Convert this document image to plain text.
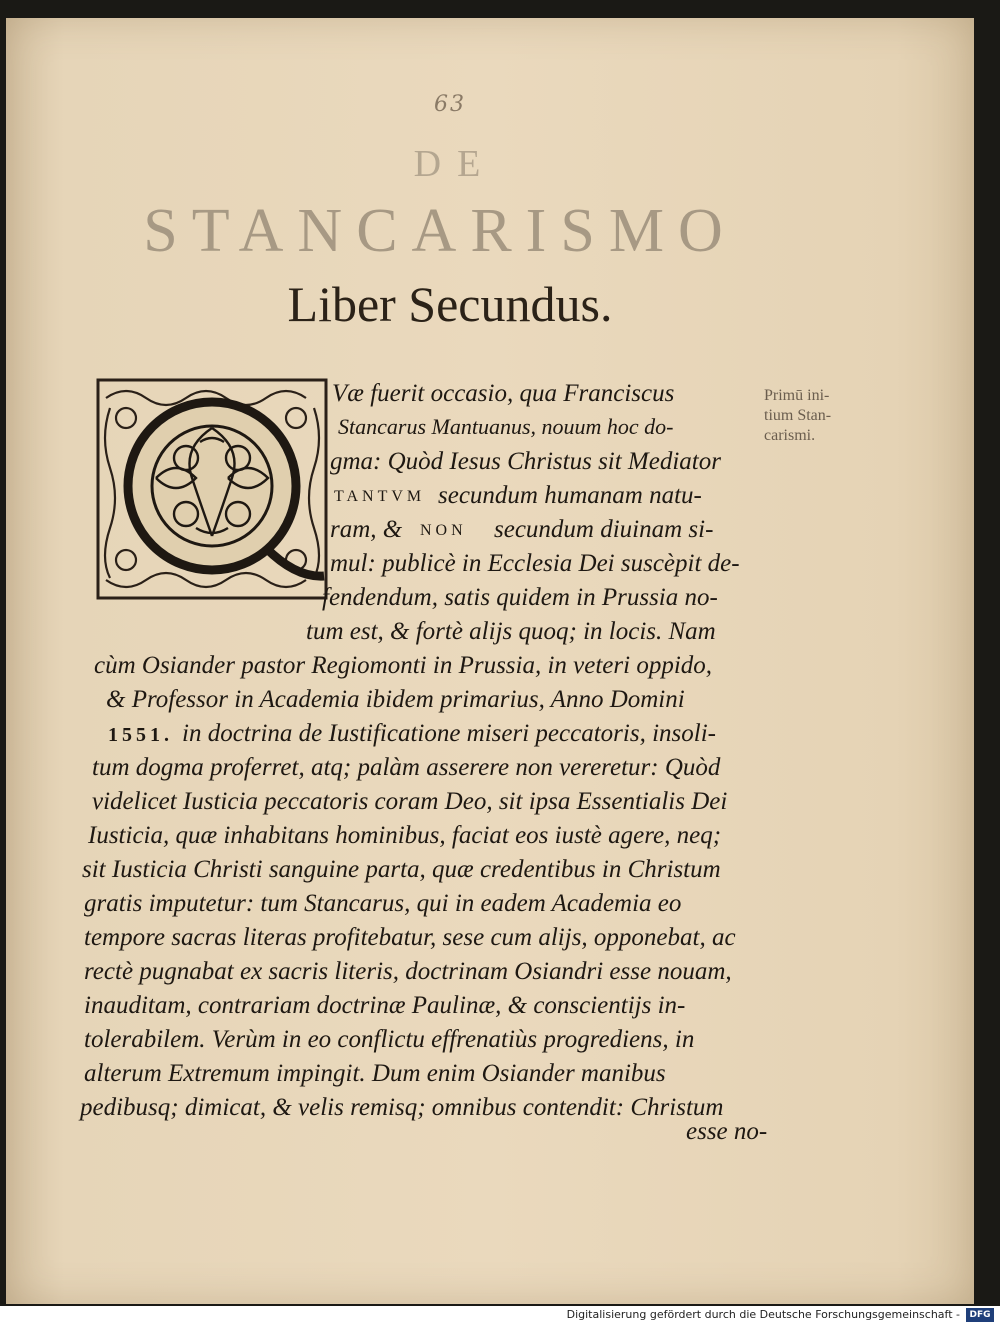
63
DE
STANCARISMO
Liber Secundus.
Primū ini-
tium Stan-
carismi.
Væ fuerit occasio, qua Franciscus
Stancarus Mantuanus, nouum hoc do-
gma: Quòd Iesus Christus sit Mediator
TANTVM secundum humanam natu-
ram, & NON secundum diuinam si-
mul: publicè in Ecclesia Dei suscèpit de-
fendendum, satis quidem in Prussia no-
tum est, & fortè alijs quoq; in locis. Nam
cùm Osiander pastor Regiomonti in Prussia, in veteri oppido,
& Professor in Academia ibidem primarius, Anno Domini
1551. in doctrina de Iustificatione miseri peccatoris, insoli-
tum dogma proferret, atq; palàm asserere non vereretur: Quòd
videlicet Iusticia peccatoris coram Deo, sit ipsa Essentialis Dei
Iusticia, quæ inhabitans hominibus, faciat eos iustè agere, neq;
sit Iusticia Christi sanguine parta, quæ credentibus in Christum
gratis imputetur: tum Stancarus, qui in eadem Academia eo
tempore sacras literas profitebatur, sese cum alijs, opponebat, ac
rectè pugnabat ex sacris literis, doctrinam Osiandri esse nouam,
inauditam, contrariam doctrinæ Paulinæ, & conscientijs in-
tolerabilem. Verùm in eo conflictu effrenatiùs progrediens, in
alterum Extremum impingit. Dum enim Osiander manibus
pedibusq; dimicat, & velis remisq; omnibus contendit: Christum
esse no-
Digitalisierung gefördert durch die Deutsche Forschungsgemeinschaft -	DFG
